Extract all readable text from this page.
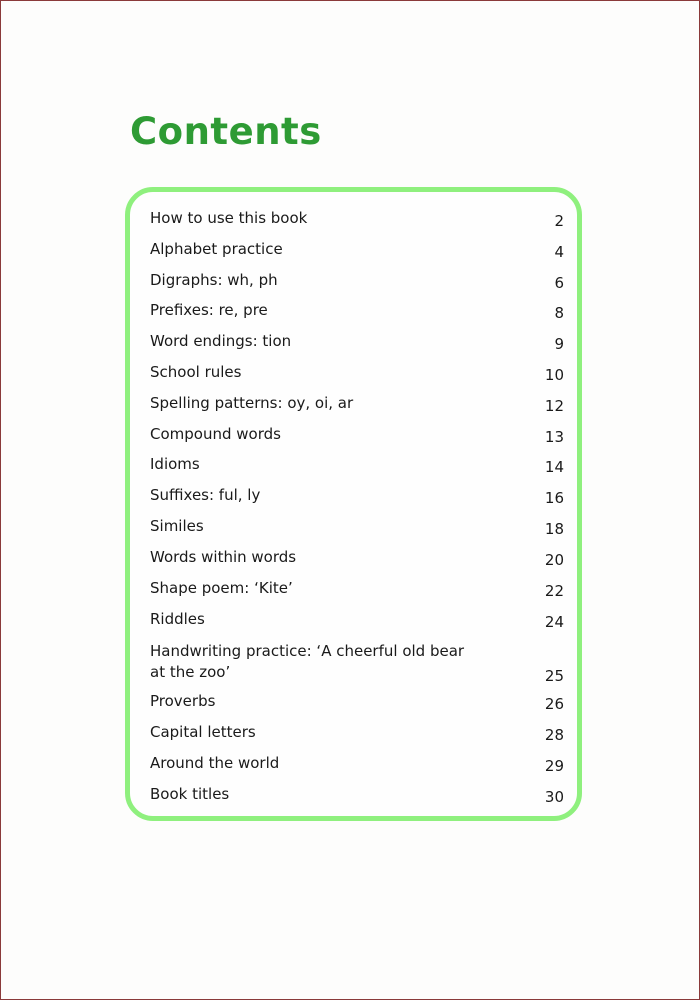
Contents
How to use this book	2
Alphabet practice	4
Digraphs: wh, ph	6
Prefixes: re, pre	8
Word endings: tion	9
School rules	10
Spelling patterns: oy, oi, ar	12
Compound words	13
Idioms	14
Suffixes: ful, ly	16
Similes	18
Words within words	20
Shape poem: ‘Kite’	22
Riddles	24
Handwriting practice: ‘A cheerful old bear at the zoo’	25
Proverbs	26
Capital letters	28
Around the world	29
Book titles	30
